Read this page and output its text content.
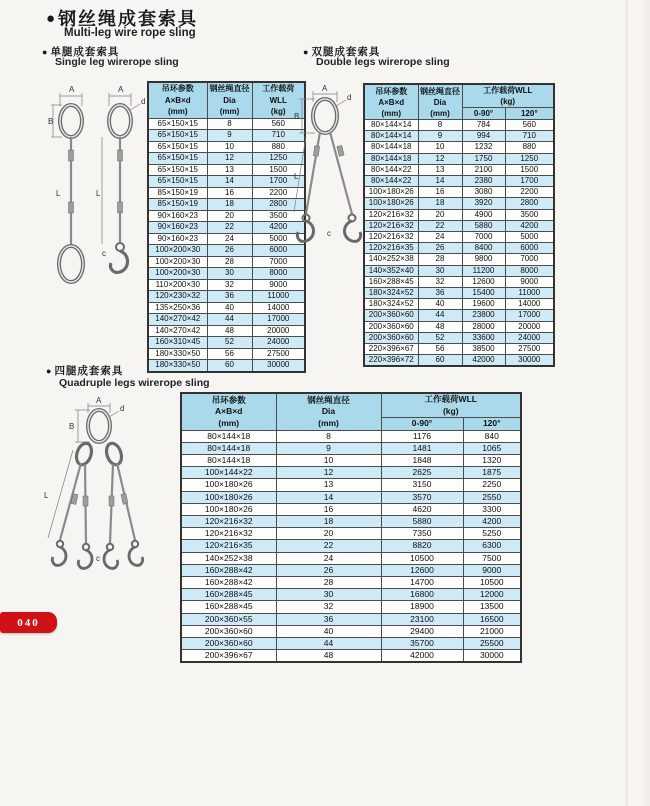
● 钢丝绳成套索具
Multi-leg wire rope sling
● 单腿成套索具
Single leg wirerope sling
A
B
L
A
d
L
c
吊环参数
A×B×d
(mm)	钢丝绳直径
Dia
(mm)	工作载荷
WLL
(kg)

65×150×15	8	560
65×150×15	9	710
65×150×15	10	880
65×150×15	12	1250
65×150×15	13	1500
65×150×15	14	1700
85×150×19	16	2200
85×150×19	18	2800
90×160×23	20	3500
90×160×23	22	4200
90×160×23	24	5000
100×200×30	26	6000
100×200×30	28	7000
100×200×30	30	8000
110×200×30	32	9000
120×230×32	36	11000
135×250×36	40	14000
140×270×42	44	17000
140×270×42	48	20000
160×310×45	52	24000
180×330×50	56	27500
180×330×50	60	30000
● 双腿成套索具
Double legs wirerope sling
A
B
d
L
c
吊环参数
A×B×d
(mm)	钢丝绳直径
Dia
(mm)	工作载荷WLL
(kg)	

		0-90°	120°
80×144×14	8	784	560
80×144×14	9	994	710
80×144×18	10	1232	880
80×144×18	12	1750	1250
80×144×22	13	2100	1500
80×144×22	14	2380	1700
100×180×26	16	3080	2200
100×180×26	18	3920	2800
120×216×32	20	4900	3500
120×216×32	22	5880	4200
120×216×32	24	7000	5000
120×216×35	26	8400	6000
140×252×38	28	9800	7000
140×352×40	30	11200	8000
160×288×45	32	12600	9000
180×324×52	36	15400	11000
180×324×52	40	19600	14000
200×360×60	44	23800	17000
200×360×60	48	28000	20000
200×360×60	52	33600	24000
220×396×67	56	38500	27500
220×396×72	60	42000	30000
● 四腿成套索具
Quadruple legs wirerope sling
A
B
d
L
c
吊环参数
A×B×d
(mm)	钢丝绳直径
Dia
(mm)	工作载荷WLL
(kg)	

		0-90°	120°
80×144×18	8	1176	840
80×144×18	9	1481	1065
80×144×18	10	1848	1320
100×144×22	12	2625	1875
100×180×26	13	3150	2250
100×180×26	14	3570	2550
100×180×26	16	4620	3300
120×216×32	18	5880	4200
120×216×32	20	7350	5250
120×216×35	22	8820	6300
140×252×38	24	10500	7500
160×288×42	26	12600	9000
160×288×42	28	14700	10500
160×288×45	30	16800	12000
160×288×45	32	18900	13500
200×360×55	36	23100	16500
200×360×60	40	29400	21000
200×360×60	44	35700	25500
200×396×67	48	42000	30000
040
